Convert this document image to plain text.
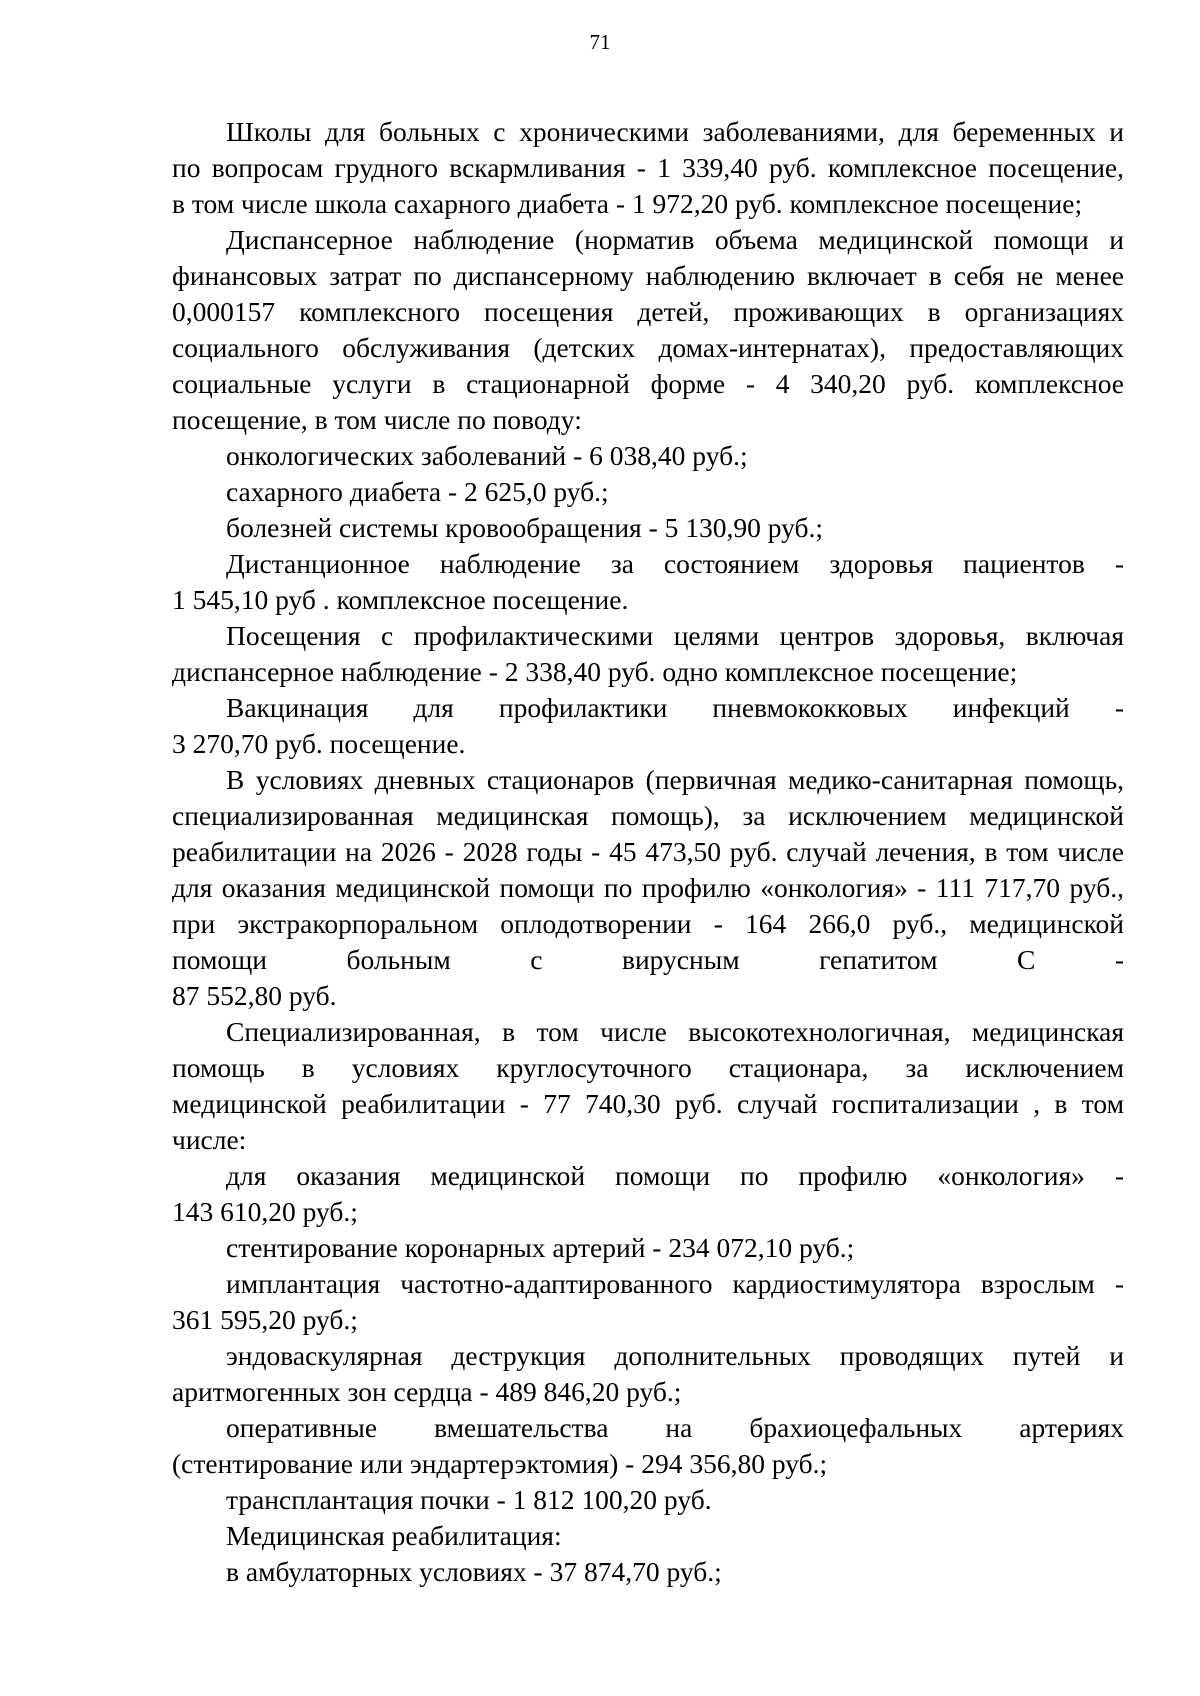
71
Школы для больных с хроническими заболеваниями, для беременных и
по вопросам грудного вскармливания - 1 339,40 руб. комплексное посещение,
в том числе школа сахарного диабета - 1 972,20 руб. комплексное посещение;
Диспансерное наблюдение (норматив объема медицинской помощи и
финансовых затрат по диспансерному наблюдению включает в себя не менее
0,000157 комплексного посещения детей, проживающих в организациях
социального обслуживания (детских домах-интернатах), предоставляющих
социальные услуги в стационарной форме - 4 340,20 руб. комплексное
посещение, в том числе по поводу:
онкологических заболеваний - 6 038,40 руб.;
сахарного диабета - 2 625,0 руб.;
болезней системы кровообращения - 5 130,90 руб.;
Дистанционное наблюдение за состоянием здоровья пациентов -
1 545,10 руб . комплексное посещение.
Посещения с профилактическими целями центров здоровья, включая
диспансерное наблюдение - 2 338,40 руб. одно комплексное посещение;
Вакцинация для профилактики пневмококковых инфекций -
3 270,70 руб. посещение.
В условиях дневных стационаров (первичная медико-санитарная помощь,
специализированная медицинская помощь), за исключением медицинской
реабилитации на 2026 - 2028 годы - 45 473,50 руб. случай лечения, в том числе
для оказания медицинской помощи по профилю «онкология» - 111 717,70 руб.,
при экстракорпоральном оплодотворении - 164 266,0 руб., медицинской
помощи больным с вирусным гепатитом С -
87 552,80 руб.
Специализированная, в том числе высокотехнологичная, медицинская
помощь в условиях круглосуточного стационара, за исключением
медицинской реабилитации - 77 740,30 руб. случай госпитализации , в том
числе:
для оказания медицинской помощи по профилю «онкология» -
143 610,20 руб.;
стентирование коронарных артерий - 234 072,10 руб.;
имплантация частотно-адаптированного кардиостимулятора взрослым -
361 595,20 руб.;
эндоваскулярная деструкция дополнительных проводящих путей и
аритмогенных зон сердца - 489 846,20 руб.;
оперативные вмешательства на брахиоцефальных артериях
(стентирование или эндартерэктомия) - 294 356,80 руб.;
трансплантация почки - 1 812 100,20 руб.
Медицинская реабилитация:
в амбулаторных условиях - 37 874,70 руб.;
